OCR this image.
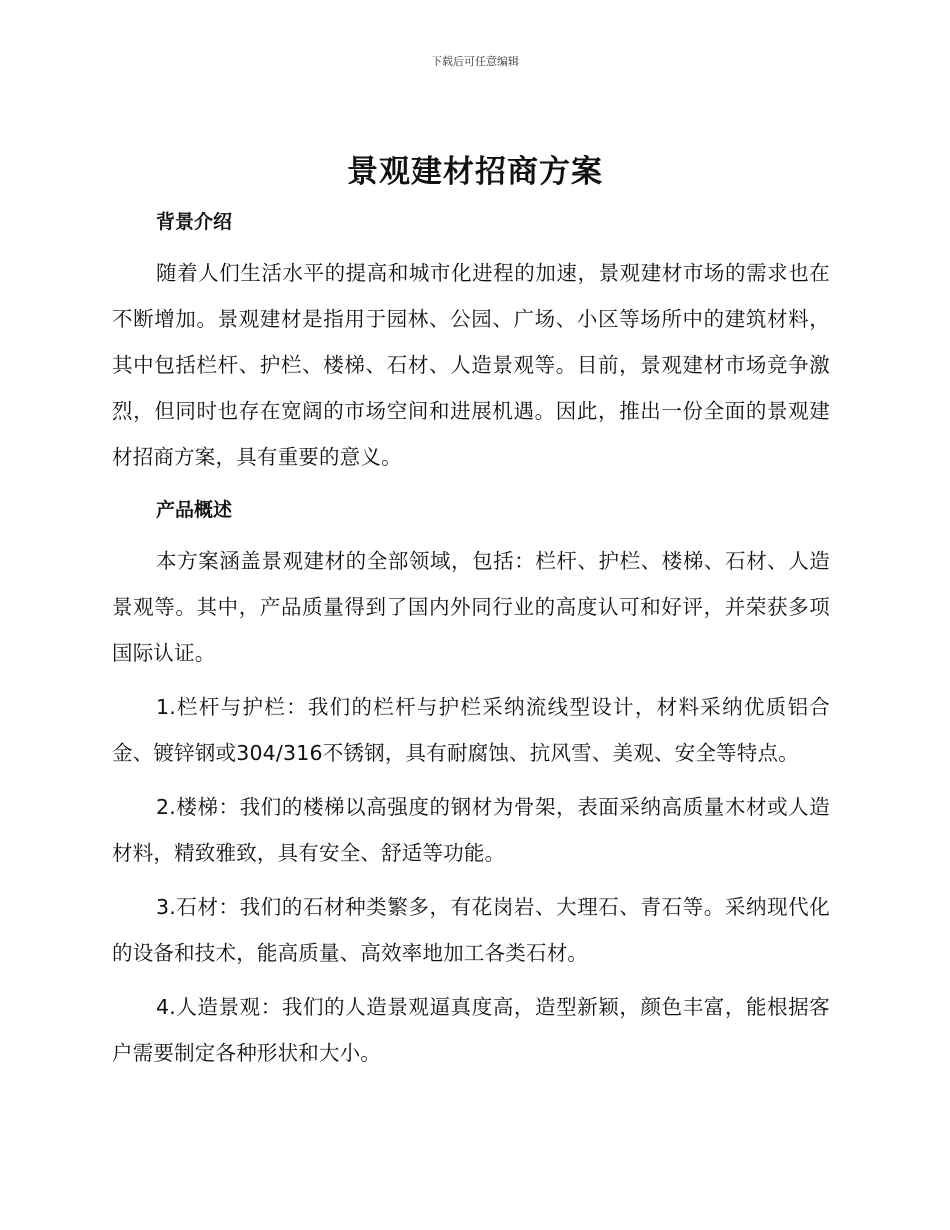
下载后可任意编辑
景观建材招商方案
背景介绍

随着人们生活水平的提高和城市化进程的加速，景观建材市场的需求也在不断增加。景观建材是指用于园林、公园、广场、小区等场所中的建筑材料，其中包括栏杆、护栏、楼梯、石材、人造景观等。目前，景观建材市场竞争激烈，但同时也存在宽阔的市场空间和进展机遇。因此，推出一份全面的景观建材招商方案，具有重要的意义。

产品概述

本方案涵盖景观建材的全部领域，包括：栏杆、护栏、楼梯、石材、人造景观等。其中，产品质量得到了国内外同行业的高度认可和好评，并荣获多项国际认证。

1.栏杆与护栏：我们的栏杆与护栏采纳流线型设计，材料采纳优质铝合金、镀锌钢或304/316不锈钢，具有耐腐蚀、抗风雪、美观、安全等特点。

2.楼梯：我们的楼梯以高强度的钢材为骨架，表面采纳高质量木材或人造材料，精致雅致，具有安全、舒适等功能。

3.石材：我们的石材种类繁多，有花岗岩、大理石、青石等。采纳现代化的设备和技术，能高质量、高效率地加工各类石材。

4.人造景观：我们的人造景观逼真度高，造型新颖，颜色丰富，能根据客户需要制定各种形状和大小。
